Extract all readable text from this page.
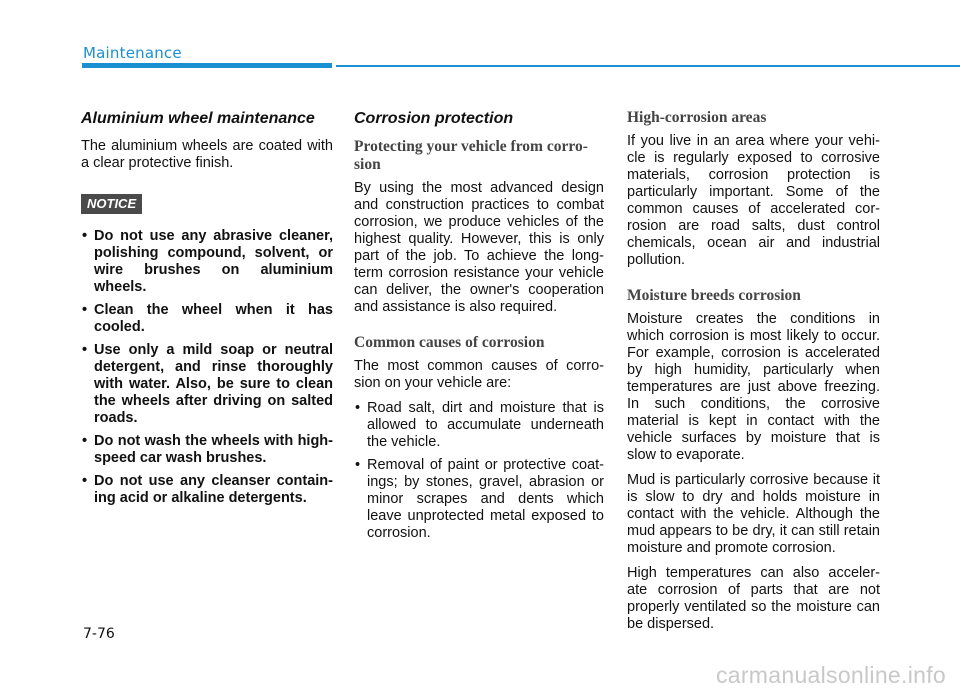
Maintenance
Aluminium wheel maintenance

The aluminium wheels are coated with a clear protective finish.

NOTICE
• Do not use any abrasive cleaner, polishing compound, solvent, or wire brushes on aluminium wheels.
• Clean the wheel when it has cooled.
• Use only a mild soap or neutral detergent, and rinse thoroughly with water. Also, be sure to clean the wheels after driving on salted roads.
• Do not wash the wheels with high-speed car wash brushes.
• Do not use any cleanser contain-ing acid or alkaline detergents.
Corrosion protection
Protecting your vehicle from corro-sion

By using the most advanced design and construction practices to combat corrosion, we produce vehicles of the highest quality. However, this is only part of the job. To achieve the long-term corrosion resistance your vehicle can deliver, the owner's cooperation and assistance is also required.

Common causes of corrosion

The most common causes of corro-sion on your vehicle are:

• Road salt, dirt and moisture that is allowed to accumulate underneath the vehicle.
• Removal of paint or protective coat-ings; by stones, gravel, abrasion or minor scrapes and dents which leave unprotected metal exposed to corrosion.
High-corrosion areas

If you live in an area where your vehi-cle is regularly exposed to corrosive materials, corrosion protection is particularly important. Some of the common causes of accelerated cor-rosion are road salts, dust control chemicals, ocean air and industrial pollution.

Moisture breeds corrosion

Moisture creates the conditions in which corrosion is most likely to occur. For example, corrosion is accelerated by high humidity, particularly when temperatures are just above freezing. In such conditions, the corrosive material is kept in contact with the vehicle surfaces by moisture that is slow to evaporate.

Mud is particularly corrosive because it is slow to dry and holds moisture in contact with the vehicle. Although the mud appears to be dry, it can still retain moisture and promote corrosion.

High temperatures can also acceler-ate corrosion of parts that are not properly ventilated so the moisture can be dispersed.

7-76
carmanualsonline.info
